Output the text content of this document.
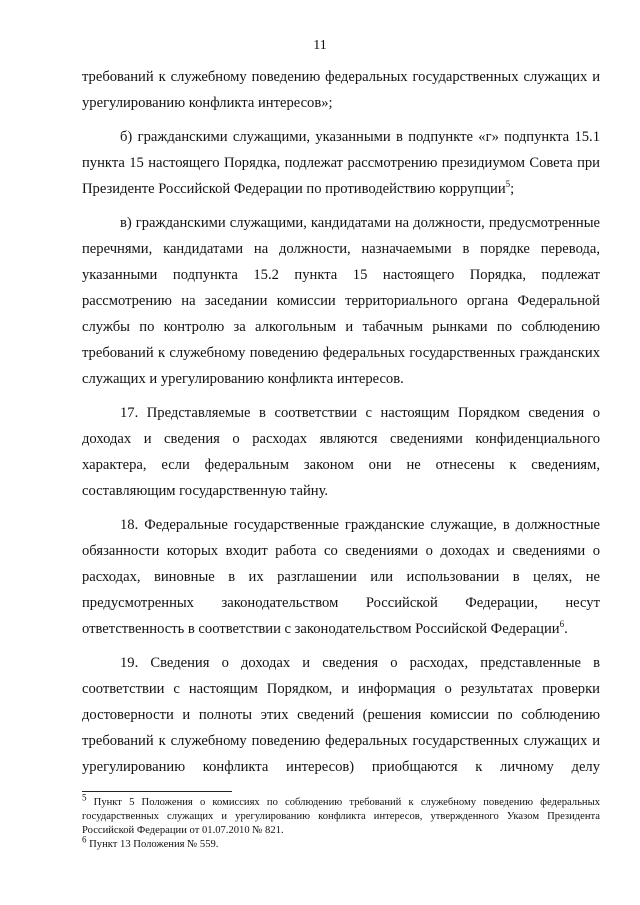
11

требований к служебному поведению федеральных государственных служащих и урегулированию конфликта интересов»;

б) гражданскими служащими, указанными в подпункте «г» подпункта 15.1 пункта 15 настоящего Порядка, подлежат рассмотрению президиумом Совета при Президенте Российской Федерации по противодействию коррупции$^5$;

в) гражданскими служащими, кандидатами на должности, предусмотренные перечнями, кандидатами на должности, назначаемыми в порядке перевода, указанными подпункта 15.2 пункта 15 настоящего Порядка, подлежат рассмотрению на заседании комиссии территориального органа Федеральной службы по контролю за алкогольным и табачным рынками по соблюдению требований к служебному поведению федеральных государственных гражданских служащих и урегулированию конфликта интересов.

17. Представляемые в соответствии с настоящим Порядком сведения о доходах и сведения о расходах являются сведениями конфиденциального характера, если федеральным законом они не отнесены к сведениям, составляющим государственную тайну.

18. Федеральные государственные гражданские служащие, в должностные обязанности которых входит работа со сведениями о доходах и сведениями о расходах, виновные в их разглашении или использовании в целях, не предусмотренных законодательством Российской Федерации, несут ответственность в соответствии с законодательством Российской Федерации$^6$.

19. Сведения о доходах и сведения о расходах, представленные в соответствии с настоящим Порядком, и информация о результатах проверки достоверности и полноты этих сведений (решения комиссии по соблюдению требований к служебному поведению федеральных государственных служащих и урегулированию конфликта интересов) приобщаются к личному делу

$^5$ Пункт 5 Положения о комиссиях по соблюдению требований к служебному поведению федеральных государственных служащих и урегулированию конфликта интересов, утвержденного Указом Президента Российской Федерации от 01.07.2010 № 821.

$^6$ Пункт 13 Положения № 559.
